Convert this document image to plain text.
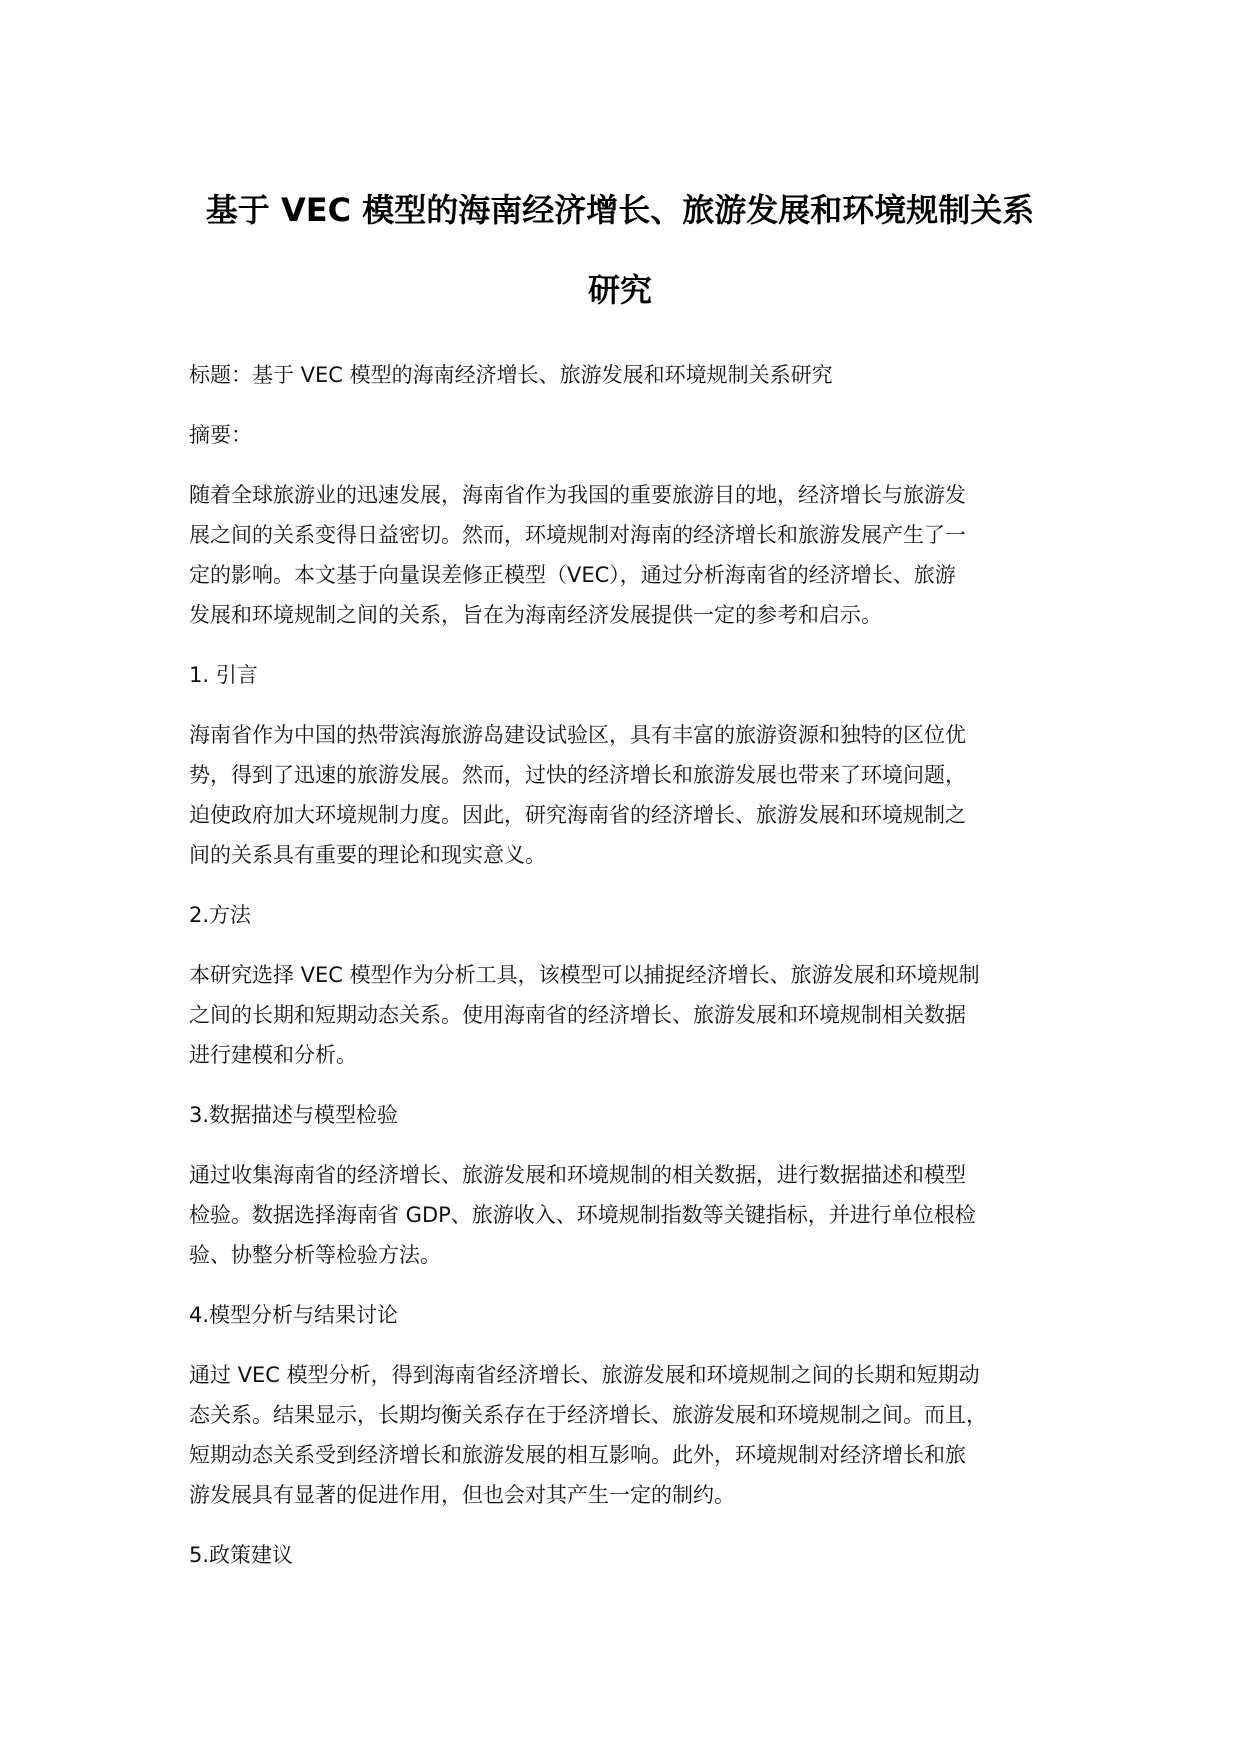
基于 VEC 模型的海南经济增长、旅游发展和环境规制关系
研究

标题：基于 VEC 模型的海南经济增长、旅游发展和环境规制关系研究

摘要：

随着全球旅游业的迅速发展，海南省作为我国的重要旅游目的地，经济增长与旅游发
展之间的关系变得日益密切。然而，环境规制对海南的经济增长和旅游发展产生了一
定的影响。本文基于向量误差修正模型（VEC），通过分析海南省的经济增长、旅游
发展和环境规制之间的关系，旨在为海南经济发展提供一定的参考和启示。

1. 引言

海南省作为中国的热带滨海旅游岛建设试验区，具有丰富的旅游资源和独特的区位优
势，得到了迅速的旅游发展。然而，过快的经济增长和旅游发展也带来了环境问题，
迫使政府加大环境规制力度。因此，研究海南省的经济增长、旅游发展和环境规制之
间的关系具有重要的理论和现实意义。

2.方法

本研究选择 VEC 模型作为分析工具，该模型可以捕捉经济增长、旅游发展和环境规制
之间的长期和短期动态关系。使用海南省的经济增长、旅游发展和环境规制相关数据
进行建模和分析。

3.数据描述与模型检验

通过收集海南省的经济增长、旅游发展和环境规制的相关数据，进行数据描述和模型
检验。数据选择海南省 GDP、旅游收入、环境规制指数等关键指标，并进行单位根检
验、协整分析等检验方法。

4.模型分析与结果讨论

通过 VEC 模型分析，得到海南省经济增长、旅游发展和环境规制之间的长期和短期动
态关系。结果显示，长期均衡关系存在于经济增长、旅游发展和环境规制之间。而且，
短期动态关系受到经济增长和旅游发展的相互影响。此外，环境规制对经济增长和旅
游发展具有显著的促进作用，但也会对其产生一定的制约。

5.政策建议
